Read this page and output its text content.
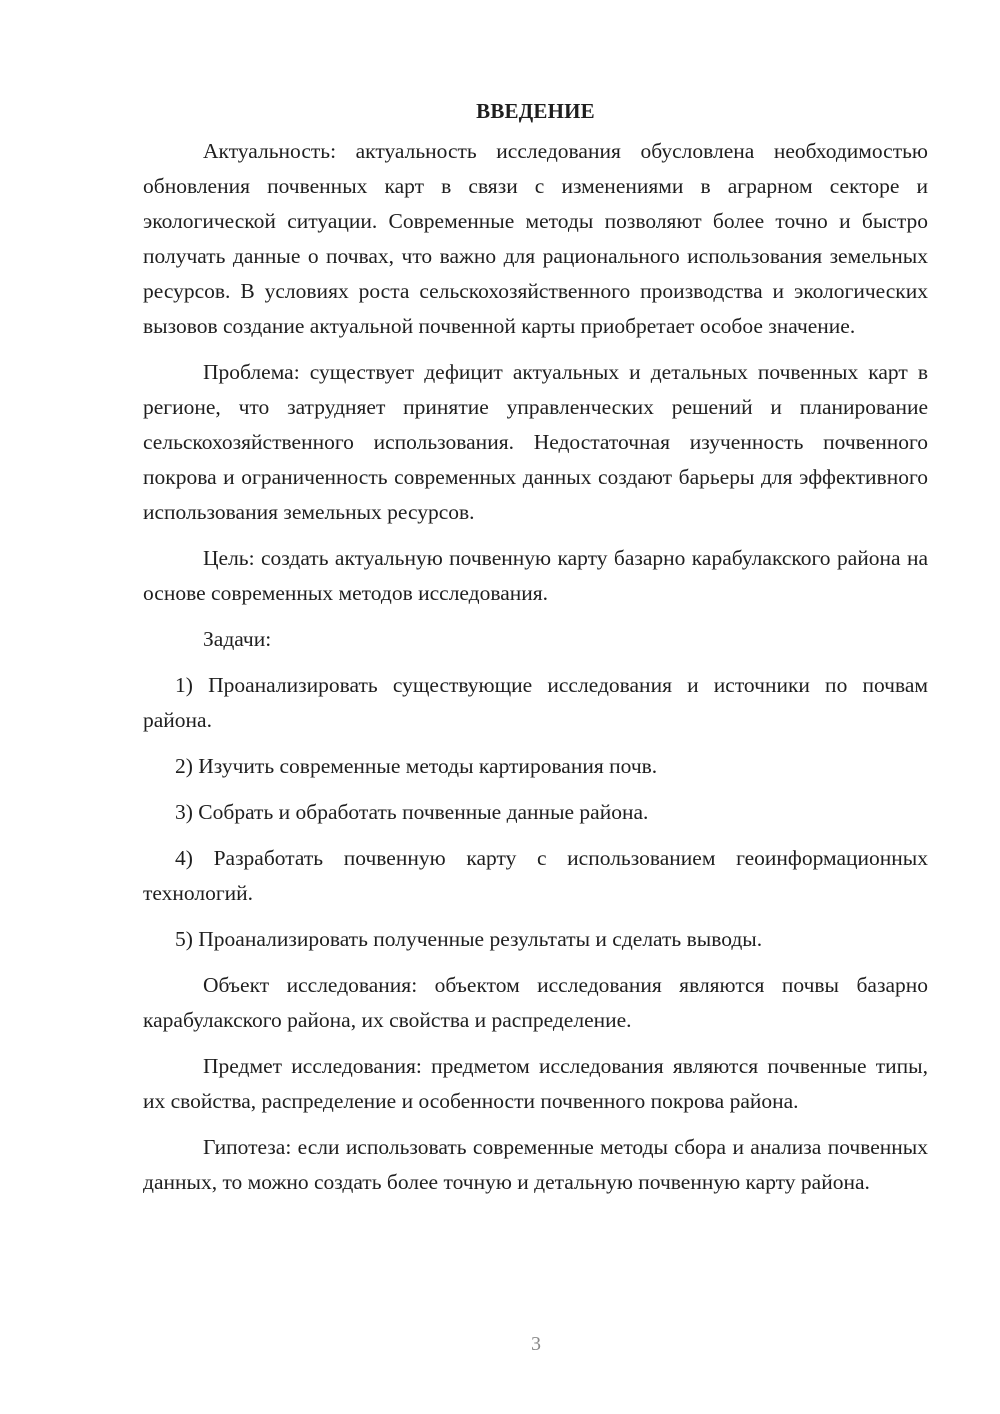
ВВЕДЕНИЕ

Актуальность: актуальность исследования обусловлена необходимостью обновления почвенных карт в связи с изменениями в аграрном секторе и экологической ситуации. Современные методы позволяют более точно и быстро получать данные о почвах, что важно для рационального использования земельных ресурсов. В условиях роста сельскохозяйственного производства и экологических вызовов создание актуальной почвенной карты приобретает особое значение.

Проблема: существует дефицит актуальных и детальных почвенных карт в регионе, что затрудняет принятие управленческих решений и планирование сельскохозяйственного использования. Недостаточная изученность почвенного покрова и ограниченность современных данных создают барьеры для эффективного использования земельных ресурсов.

Цель: создать актуальную почвенную карту базарно карабулакского района на основе современных методов исследования.

Задачи:

1) Проанализировать существующие исследования и источники по почвам района.

2) Изучить современные методы картирования почв.

3) Собрать и обработать почвенные данные района.

4) Разработать почвенную карту с использованием геоинформационных технологий.

5) Проанализировать полученные результаты и сделать выводы.

Объект исследования: объектом исследования являются почвы базарно карабулакского района, их свойства и распределение.

Предмет исследования: предметом исследования являются почвенные типы, их свойства, распределение и особенности почвенного покрова района.

Гипотеза: если использовать современные методы сбора и анализа почвенных данных, то можно создать более точную и детальную почвенную карту района.

3
